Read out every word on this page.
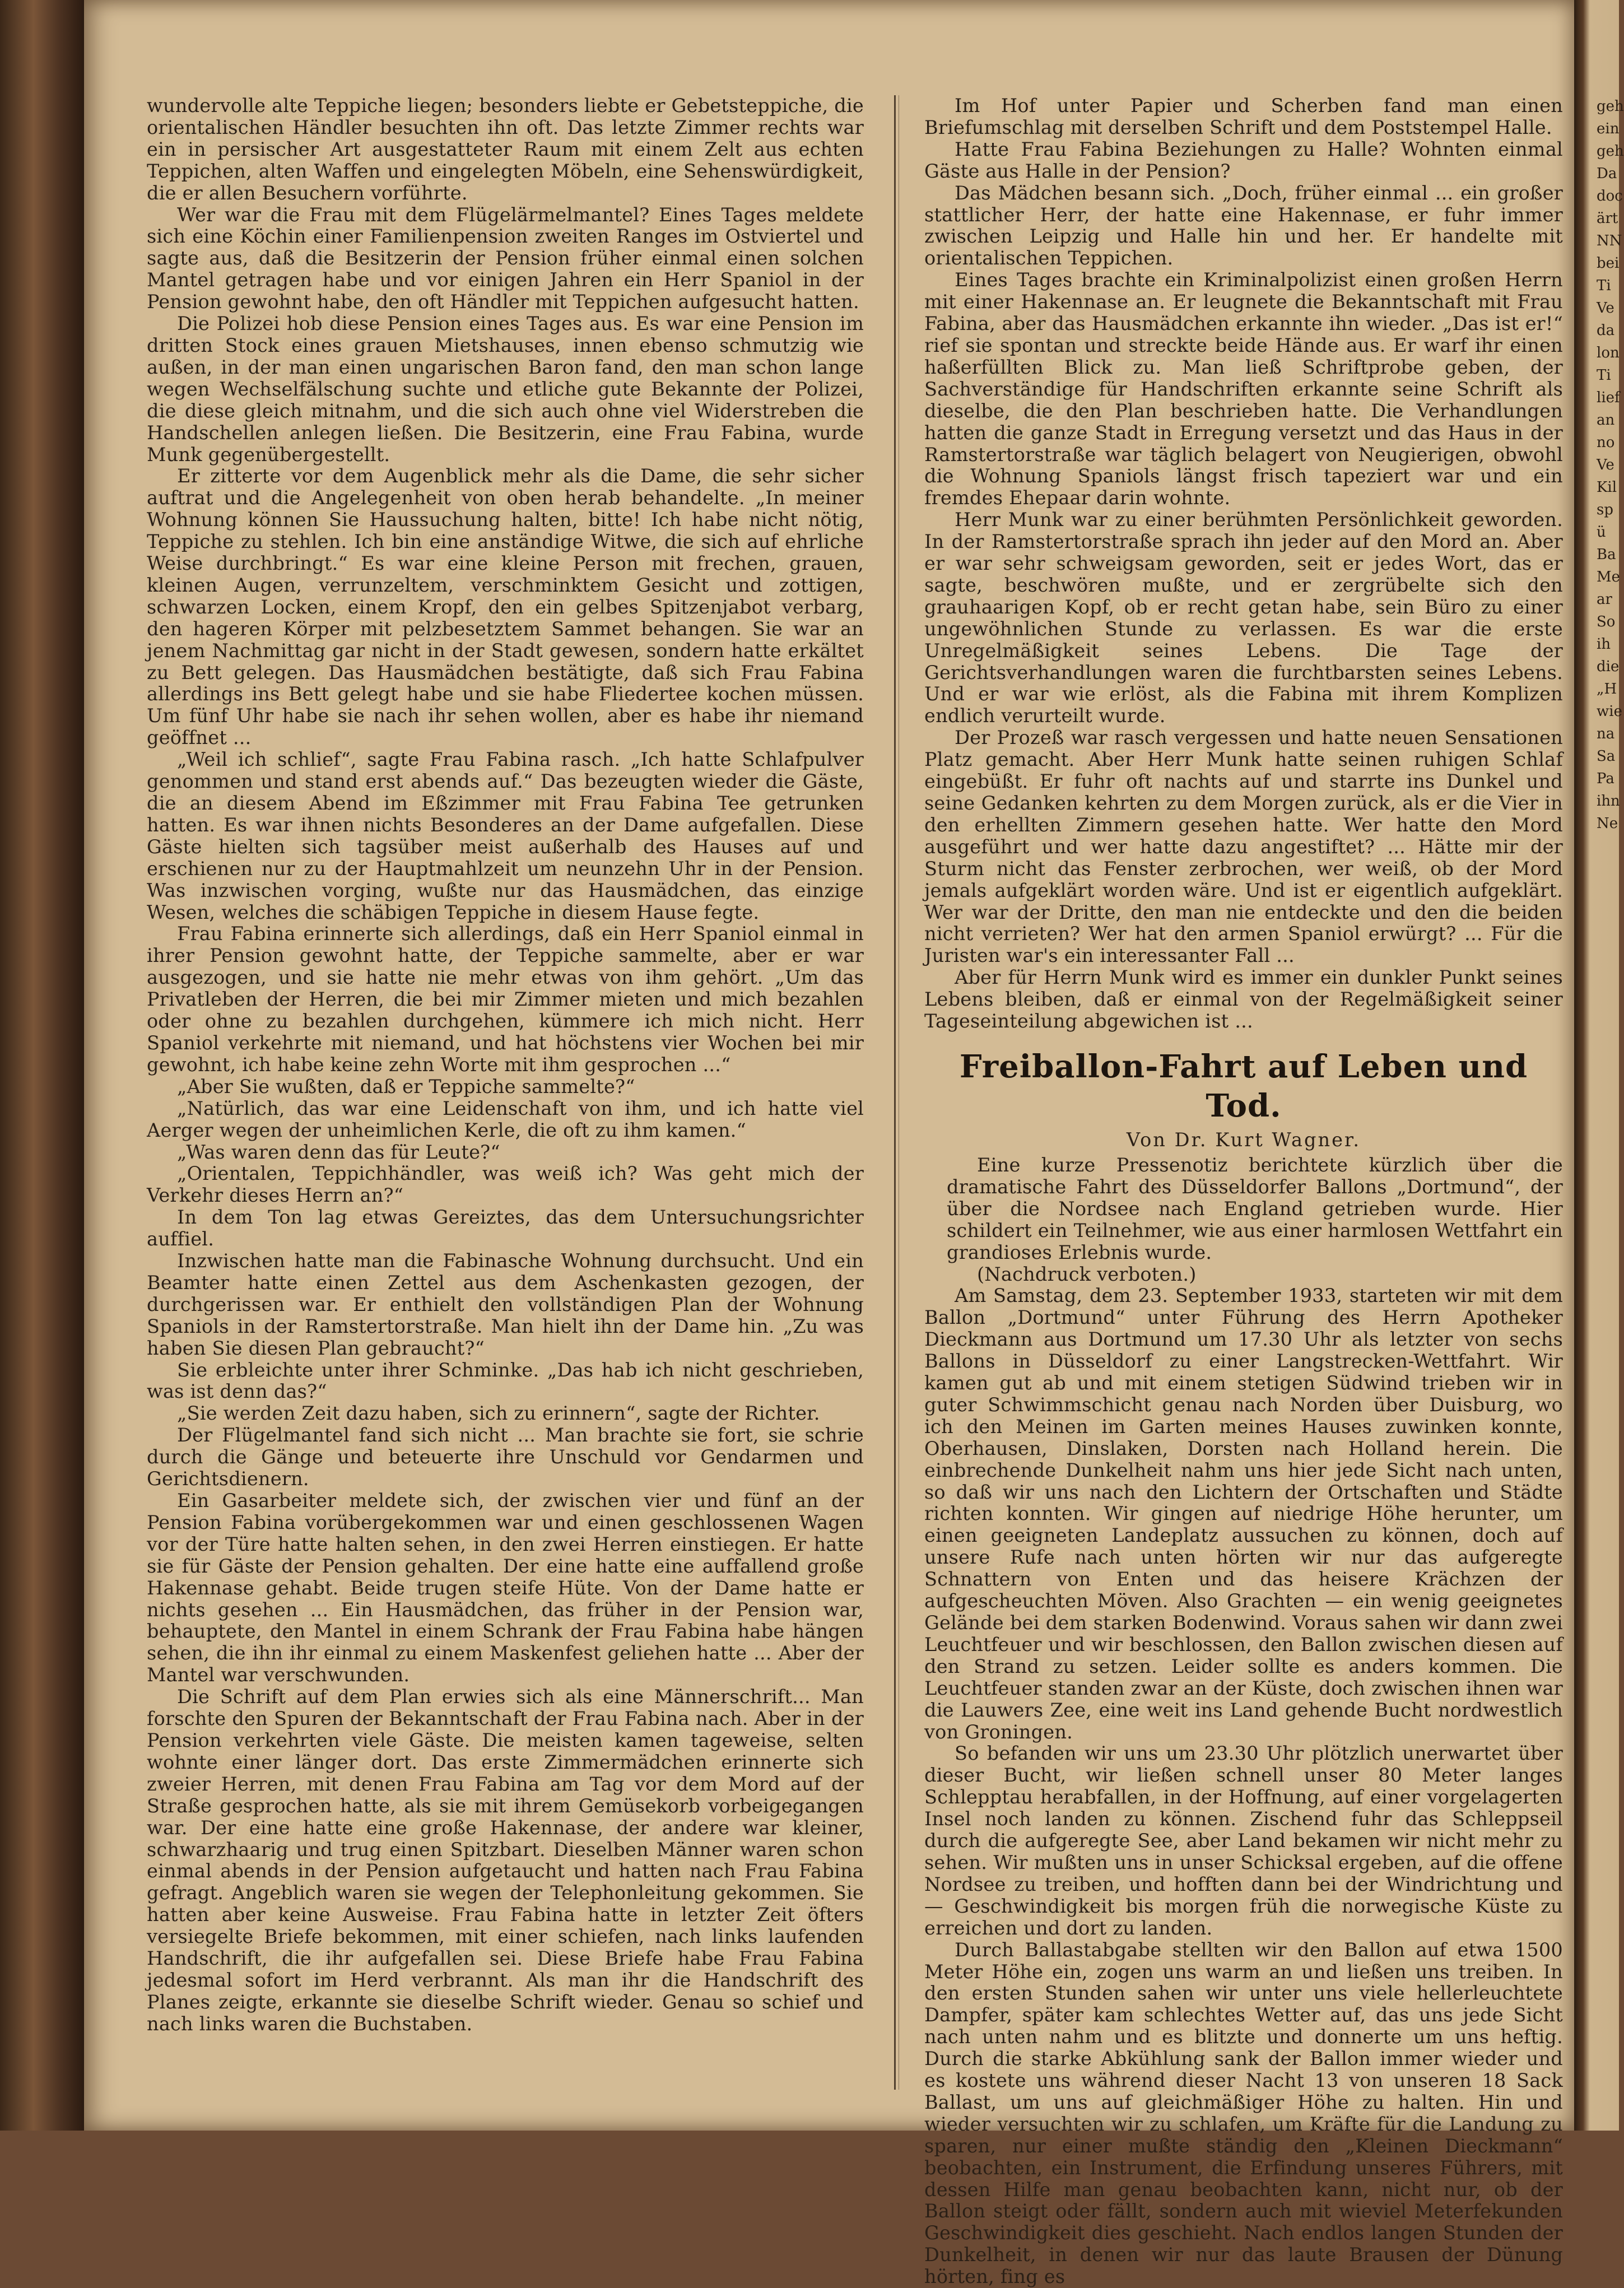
wundervolle alte Teppiche liegen; besonders liebte er Gebetsteppiche, die orientalischen Händler besuchten ihn oft. Das letzte Zimmer rechts war ein in persischer Art ausgestatteter Raum mit einem Zelt aus echten Teppichen, alten Waffen und eingelegten Möbeln, eine Sehenswürdigkeit, die er allen Besuchern vorführte.

Wer war die Frau mit dem Flügelärmelmantel? Eines Tages meldete sich eine Köchin einer Familienpension zweiten Ranges im Ostviertel und sagte aus, daß die Besitzerin der Pension früher einmal einen solchen Mantel getragen habe und vor einigen Jahren ein Herr Spaniol in der Pension gewohnt habe, den oft Händler mit Teppichen aufgesucht hatten.

Die Polizei hob diese Pension eines Tages aus. Es war eine Pension im dritten Stock eines grauen Mietshauses, innen ebenso schmutzig wie außen, in der man einen ungarischen Baron fand, den man schon lange wegen Wechselfälschung suchte und etliche gute Bekannte der Polizei, die diese gleich mitnahm, und die sich auch ohne viel Widerstreben die Handschellen anlegen ließen. Die Besitzerin, eine Frau Fabina, wurde Munk gegenübergestellt.

Er zitterte vor dem Augenblick mehr als die Dame, die sehr sicher auftrat und die Angelegenheit von oben herab behandelte. „In meiner Wohnung können Sie Haussuchung halten, bitte! Ich habe nicht nötig, Teppiche zu stehlen. Ich bin eine anständige Witwe, die sich auf ehrliche Weise durchbringt.“ Es war eine kleine Person mit frechen, grauen, kleinen Augen, verrunzeltem, verschminktem Gesicht und zottigen, schwarzen Locken, einem Kropf, den ein gelbes Spitzenjabot verbarg, den hageren Körper mit pelzbesetztem Sammet behangen. Sie war an jenem Nachmittag gar nicht in der Stadt gewesen, sondern hatte erkältet zu Bett gelegen. Das Hausmädchen bestätigte, daß sich Frau Fabina allerdings ins Bett gelegt habe und sie habe Fliedertee kochen müssen. Um fünf Uhr habe sie nach ihr sehen wollen, aber es habe ihr niemand geöffnet ...

„Weil ich schlief“, sagte Frau Fabina rasch. „Ich hatte Schlafpulver genommen und stand erst abends auf.“ Das bezeugten wieder die Gäste, die an diesem Abend im Eßzimmer mit Frau Fabina Tee getrunken hatten. Es war ihnen nichts Besonderes an der Dame aufgefallen. Diese Gäste hielten sich tagsüber meist außerhalb des Hauses auf und erschienen nur zu der Hauptmahlzeit um neunzehn Uhr in der Pension. Was inzwischen vorging, wußte nur das Hausmädchen, das einzige Wesen, welches die schäbigen Teppiche in diesem Hause fegte.

Frau Fabina erinnerte sich allerdings, daß ein Herr Spaniol einmal in ihrer Pension gewohnt hatte, der Teppiche sammelte, aber er war ausgezogen, und sie hatte nie mehr etwas von ihm gehört. „Um das Privatleben der Herren, die bei mir Zimmer mieten und mich bezahlen oder ohne zu bezahlen durchgehen, kümmere ich mich nicht. Herr Spaniol verkehrte mit niemand, und hat höchstens vier Wochen bei mir gewohnt, ich habe keine zehn Worte mit ihm gesprochen ...“

„Aber Sie wußten, daß er Teppiche sammelte?“

„Natürlich, das war eine Leidenschaft von ihm, und ich hatte viel Aerger wegen der unheimlichen Kerle, die oft zu ihm kamen.“

„Was waren denn das für Leute?“

„Orientalen, Teppichhändler, was weiß ich? Was geht mich der Verkehr dieses Herrn an?“

In dem Ton lag etwas Gereiztes, das dem Untersuchungsrichter auffiel.

Inzwischen hatte man die Fabinasche Wohnung durchsucht. Und ein Beamter hatte einen Zettel aus dem Aschenkasten gezogen, der durchgerissen war. Er enthielt den vollständigen Plan der Wohnung Spaniols in der Ramstertorstraße. Man hielt ihn der Dame hin. „Zu was haben Sie diesen Plan gebraucht?“

Sie erbleichte unter ihrer Schminke. „Das hab ich nicht geschrieben, was ist denn das?“

„Sie werden Zeit dazu haben, sich zu erinnern“, sagte der Richter.

Der Flügelmantel fand sich nicht ... Man brachte sie fort, sie schrie durch die Gänge und beteuerte ihre Unschuld vor Gendarmen und Gerichtsdienern.

Ein Gasarbeiter meldete sich, der zwischen vier und fünf an der Pension Fabina vorübergekommen war und einen geschlossenen Wagen vor der Türe hatte halten sehen, in den zwei Herren einstiegen. Er hatte sie für Gäste der Pension gehalten. Der eine hatte eine auffallend große Hakennase gehabt. Beide trugen steife Hüte. Von der Dame hatte er nichts gesehen ... Ein Hausmädchen, das früher in der Pension war, behauptete, den Mantel in einem Schrank der Frau Fabina habe hängen sehen, die ihn ihr einmal zu einem Maskenfest geliehen hatte ... Aber der Mantel war verschwunden.

Die Schrift auf dem Plan erwies sich als eine Männerschrift... Man forschte den Spuren der Bekanntschaft der Frau Fabina nach. Aber in der Pension verkehrten viele Gäste. Die meisten kamen tageweise, selten wohnte einer länger dort. Das erste Zimmermädchen erinnerte sich zweier Herren, mit denen Frau Fabina am Tag vor dem Mord auf der Straße gesprochen hatte, als sie mit ihrem Gemüsekorb vorbeigegangen war. Der eine hatte eine große Hakennase, der andere war kleiner, schwarzhaarig und trug einen Spitzbart. Dieselben Männer waren schon einmal abends in der Pension aufgetaucht und hatten nach Frau Fabina gefragt. Angeblich waren sie wegen der Telephonleitung gekommen. Sie hatten aber keine Ausweise. Frau Fabina hatte in letzter Zeit öfters versiegelte Briefe bekommen, mit einer schiefen, nach links laufenden Handschrift, die ihr aufgefallen sei. Diese Briefe habe Frau Fabina jedesmal sofort im Herd verbrannt. Als man ihr die Handschrift des Planes zeigte, erkannte sie dieselbe Schrift wieder. Genau so schief und nach links waren die Buchstaben.

Im Hof unter Papier und Scherben fand man einen Briefumschlag mit derselben Schrift und dem Poststempel Halle.

Hatte Frau Fabina Beziehungen zu Halle? Wohnten einmal Gäste aus Halle in der Pension?

Das Mädchen besann sich. „Doch, früher einmal ... ein großer stattlicher Herr, der hatte eine Hakennase, er fuhr immer zwischen Leipzig und Halle hin und her. Er handelte mit orientalischen Teppichen.

Eines Tages brachte ein Kriminalpolizist einen großen Herrn mit einer Hakennase an. Er leugnete die Bekanntschaft mit Frau Fabina, aber das Hausmädchen erkannte ihn wieder. „Das ist er!“ rief sie spontan und streckte beide Hände aus. Er warf ihr einen haßerfüllten Blick zu. Man ließ Schriftprobe geben, der Sachverständige für Handschriften erkannte seine Schrift als dieselbe, die den Plan beschrieben hatte. Die Verhandlungen hatten die ganze Stadt in Erregung versetzt und das Haus in der Ramstertorstraße war täglich belagert von Neugierigen, obwohl die Wohnung Spaniols längst frisch tapeziert war und ein fremdes Ehepaar darin wohnte.

Herr Munk war zu einer berühmten Persönlichkeit geworden. In der Ramstertorstraße sprach ihn jeder auf den Mord an. Aber er war sehr schweigsam geworden, seit er jedes Wort, das er sagte, beschwören mußte, und er zergrübelte sich den grauhaarigen Kopf, ob er recht getan habe, sein Büro zu einer ungewöhnlichen Stunde zu verlassen. Es war die erste Unregelmäßigkeit seines Lebens. Die Tage der Gerichtsverhandlungen waren die furchtbarsten seines Lebens. Und er war wie erlöst, als die Fabina mit ihrem Komplizen endlich verurteilt wurde.

Der Prozeß war rasch vergessen und hatte neuen Sensationen Platz gemacht. Aber Herr Munk hatte seinen ruhigen Schlaf eingebüßt. Er fuhr oft nachts auf und starrte ins Dunkel und seine Gedanken kehrten zu dem Morgen zurück, als er die Vier in den erhellten Zimmern gesehen hatte. Wer hatte den Mord ausgeführt und wer hatte dazu angestiftet? ... Hätte mir der Sturm nicht das Fenster zerbrochen, wer weiß, ob der Mord jemals aufgeklärt worden wäre. Und ist er eigentlich aufgeklärt. Wer war der Dritte, den man nie entdeckte und den die beiden nicht verrieten? Wer hat den armen Spaniol erwürgt? ... Für die Juristen war's ein interessanter Fall ...

Aber für Herrn Munk wird es immer ein dunkler Punkt seines Lebens bleiben, daß er einmal von der Regelmäßigkeit seiner Tageseinteilung abgewichen ist ...

Freiballon-Fahrt auf Leben und Tod.
Von Dr. Kurt Wagner.

Eine kurze Pressenotiz berichtete kürzlich über die dramatische Fahrt des Düsseldorfer Ballons „Dortmund“, der über die Nordsee nach England getrieben wurde. Hier schildert ein Teilnehmer, wie aus einer harmlosen Wettfahrt ein grandioses Erlebnis wurde.

(Nachdruck verboten.)

Am Samstag, dem 23. September 1933, starteten wir mit dem Ballon „Dortmund“ unter Führung des Herrn Apotheker Dieckmann aus Dortmund um 17.30 Uhr als letzter von sechs Ballons in Düsseldorf zu einer Langstrecken-Wettfahrt. Wir kamen gut ab und mit einem stetigen Südwind trieben wir in guter Schwimmschicht genau nach Norden über Duisburg, wo ich den Meinen im Garten meines Hauses zuwinken konnte, Oberhausen, Dinslaken, Dorsten nach Holland herein. Die einbrechende Dunkelheit nahm uns hier jede Sicht nach unten, so daß wir uns nach den Lichtern der Ortschaften und Städte richten konnten. Wir gingen auf niedrige Höhe herunter, um einen geeigneten Landeplatz aussuchen zu können, doch auf unsere Rufe nach unten hörten wir nur das aufgeregte Schnattern von Enten und das heisere Krächzen der aufgescheuchten Möven. Also Grachten — ein wenig geeignetes Gelände bei dem starken Bodenwind. Voraus sahen wir dann zwei Leuchtfeuer und wir beschlossen, den Ballon zwischen diesen auf den Strand zu setzen. Leider sollte es anders kommen. Die Leuchtfeuer standen zwar an der Küste, doch zwischen ihnen war die Lauwers Zee, eine weit ins Land gehende Bucht nordwestlich von Groningen.

So befanden wir uns um 23.30 Uhr plötzlich unerwartet über dieser Bucht, wir ließen schnell unser 80 Meter langes Schlepptau herabfallen, in der Hoffnung, auf einer vorgelagerten Insel noch landen zu können. Zischend fuhr das Schleppseil durch die aufgeregte See, aber Land bekamen wir nicht mehr zu sehen. Wir mußten uns in unser Schicksal ergeben, auf die offene Nordsee zu treiben, und hofften dann bei der Windrichtung und — Geschwindigkeit bis morgen früh die norwegische Küste zu erreichen und dort zu landen.

Durch Ballastabgabe stellten wir den Ballon auf etwa 1500 Meter Höhe ein, zogen uns warm an und ließen uns treiben. In den ersten Stunden sahen wir unter uns viele hellerleuchtete Dampfer, später kam schlechtes Wetter auf, das uns jede Sicht nach unten nahm und es blitzte und donnerte um uns heftig. Durch die starke Abkühlung sank der Ballon immer wieder und es kostete uns während dieser Nacht 13 von unseren 18 Sack Ballast, um uns auf gleichmäßiger Höhe zu halten. Hin und wieder versuchten wir zu schlafen, um Kräfte für die Landung zu sparen, nur einer mußte ständig den „Kleinen Dieckmann“ beobachten, ein Instrument, die Erfindung unseres Führers, mit dessen Hilfe man genau beobachten kann, nicht nur, ob der Ballon steigt oder fällt, sondern auch mit wieviel Meterfekunden Geschwindigkeit dies geschieht. Nach endlos langen Stunden der Dunkelheit, in denen wir nur das laute Brausen der Dünung hörten, fing es

geh

ein

geh

Da

doc

ärt

NN

bei

Ti

Ve

da

lon

Ti

lief

an

no

Ve

Kil

sp

ü

Ba

Me

ar

So

ih

die

„H

wie

na

Sa

Pa

ihn

Ne
